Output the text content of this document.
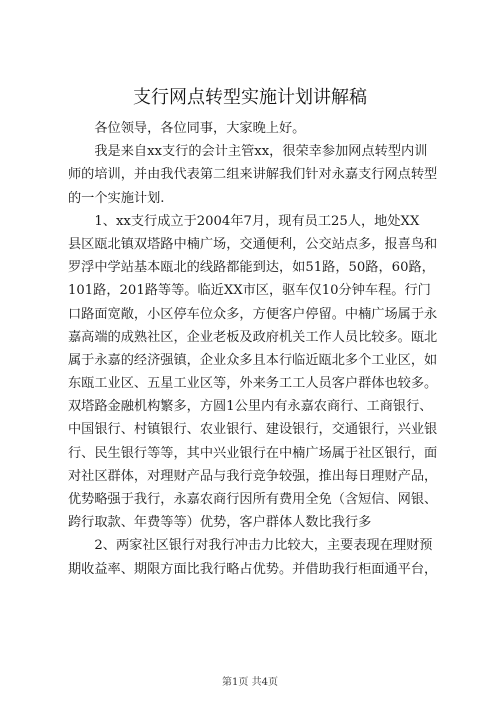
支行网点转型实施计划讲解稿
　　各位领导，各位同事，大家晚上好。
　　我是来自xx支行的会计主管xx，很荣幸参加网点转型内训
师的培训，并由我代表第二组来讲解我们针对永嘉支行网点转型
的一个实施计划.
　　1、xx支行成立于2004年7月，现有员工25人，地处XX
县区瓯北镇双塔路中楠广场，交通便利，公交站点多，报喜鸟和
罗浮中学站基本瓯北的线路都能到达，如51路，50路，60路，
101路，201路等等。临近XX市区，驱车仅10分钟车程。行门
口路面宽敞，小区停车位众多，方便客户停留。中楠广场属于永
嘉高端的成熟社区，企业老板及政府机关工作人员比较多。瓯北
属于永嘉的经济强镇，企业众多且本行临近瓯北多个工业区，如
东瓯工业区、五星工业区等，外来务工工人员客户群体也较多。
双塔路金融机构繁多，方圆1公里内有永嘉农商行、工商银行、
中国银行、村镇银行、农业银行、建设银行，交通银行，兴业银
行、民生银行等等，其中兴业银行在中楠广场属于社区银行，面
对社区群体，对理财产品与我行竞争较强，推出每日理财产品，
优势略强于我行，永嘉农商行因所有费用全免（含短信、网银、
跨行取款、年费等等）优势，客户群体人数比我行多
　　2、两家社区银行对我行冲击力比较大，主要表现在理财预
期收益率、期限方面比我行略占优势。并借助我行柜面通平台，
第1页 共4页
